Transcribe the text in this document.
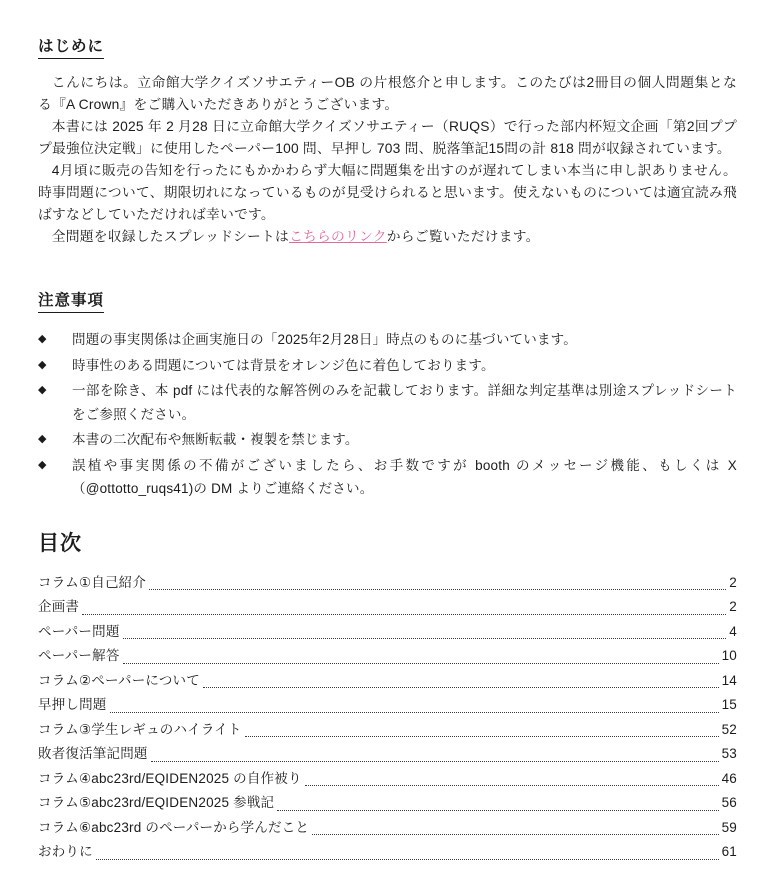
はじめに

こんにちは。立命館大学クイズソサエティーOB の片根悠介と申します。このたびは2冊目の個人問題集となる『A Crown』をご購入いただきありがとうございます。

本書には 2025 年 2 月28 日に立命館大学クイズソサエティー（RUQS）で行った部内杯短文企画「第2回プププ最強位決定戦」に使用したペーパー100 問、早押し 703 問、脱落筆記15問の計 818 問が収録されています。

4月頃に販売の告知を行ったにもかかわらず大幅に問題集を出すのが遅れてしまい本当に申し訳ありません。時事問題について、期限切れになっているものが見受けられると思います。使えないものについては適宜読み飛ばすなどしていただければ幸いです。

全問題を収録したスプレッドシートはこちらのリンクからご覧いただけます。

注意事項
◆	問題の事実関係は企画実施日の「2025年2月28日」時点のものに基づいています。
◆	時事性のある問題については背景をオレンジ色に着色しております。
◆	一部を除き、本 pdf には代表的な解答例のみを記載しております。詳細な判定基準は別途スプレッドシートをご参照ください。
◆	本書の二次配布や無断転載・複製を禁じます。
◆	誤植や事実関係の不備がございましたら、お手数ですが booth のメッセージ機能、もしくは X（@ottotto_ruqs41)の DM よりご連絡ください。
目次
コラム①自己紹介	2
企画書	2
ペーパー問題	4
ペーパー解答	10
コラム②ペーパーについて	14
早押し問題	15
コラム③学生レギュのハイライト	52
敗者復活筆記問題	53
コラム④abc23rd/EQIDEN2025 の自作被り	46
コラム⑤abc23rd/EQIDEN2025 参戦記	56
コラム⑥abc23rd のペーパーから学んだこと	59
おわりに	61
